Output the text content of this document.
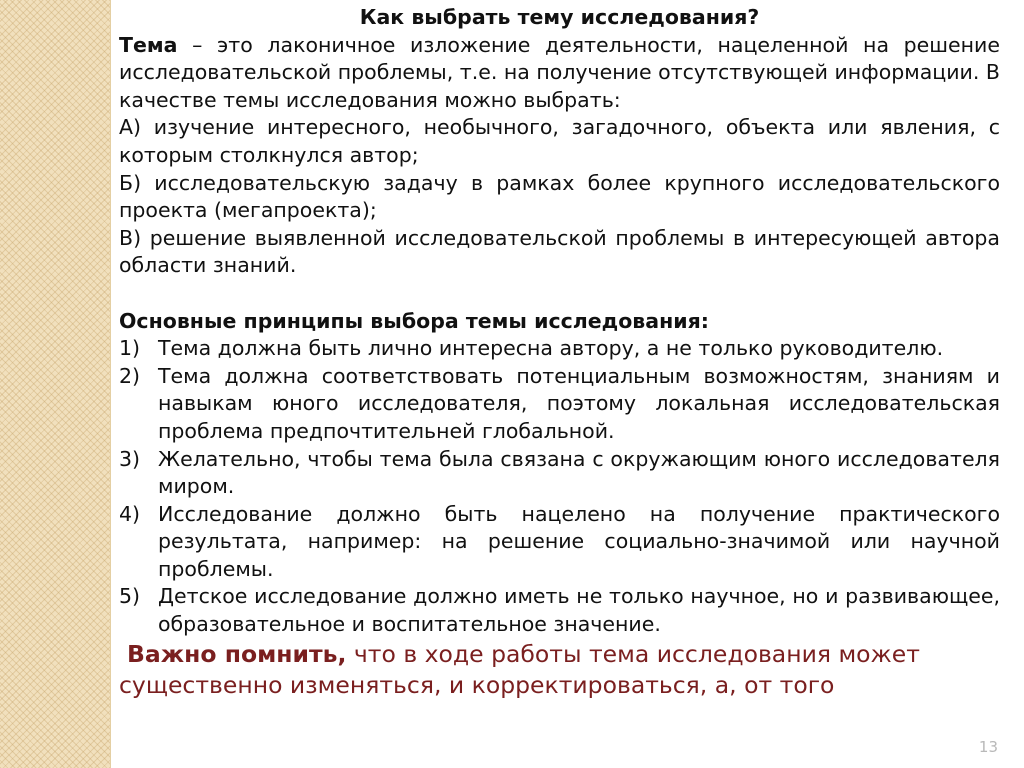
Как выбрать тему исследования?

Тема – это лаконичное изложение деятельности, нацеленной на решение исследовательской проблемы, т.е. на получение отсутствующей информации. В качестве темы исследования можно выбрать:

А) изучение интересного, необычного, загадочного, объекта или явления, с которым столкнулся автор;

Б) исследовательскую задачу в рамках более крупного исследовательского проекта (мегапроекта);

В) решение выявленной исследовательской проблемы в интересующей автора области знаний.

Основные принципы выбора темы исследования:

1) Тема должна быть лично интересна автору, а не только руководителю.
2) Тема должна соответствовать потенциальным возможностям, знаниям и навыкам юного исследователя, поэтому локальная исследовательская проблема предпочтительней глобальной.
3) Желательно, чтобы тема была связана с окружающим юного исследователя миром.
4) Исследование должно быть нацелено на получение практического результата, например: на решение социально-значимой или научной проблемы.
5) Детское исследование должно иметь не только научное, но и развивающее, образовательное и воспитательное значение.

Важно помнить, что в ходе работы тема исследования может существенно изменяться, и корректироваться, а, от того

13
